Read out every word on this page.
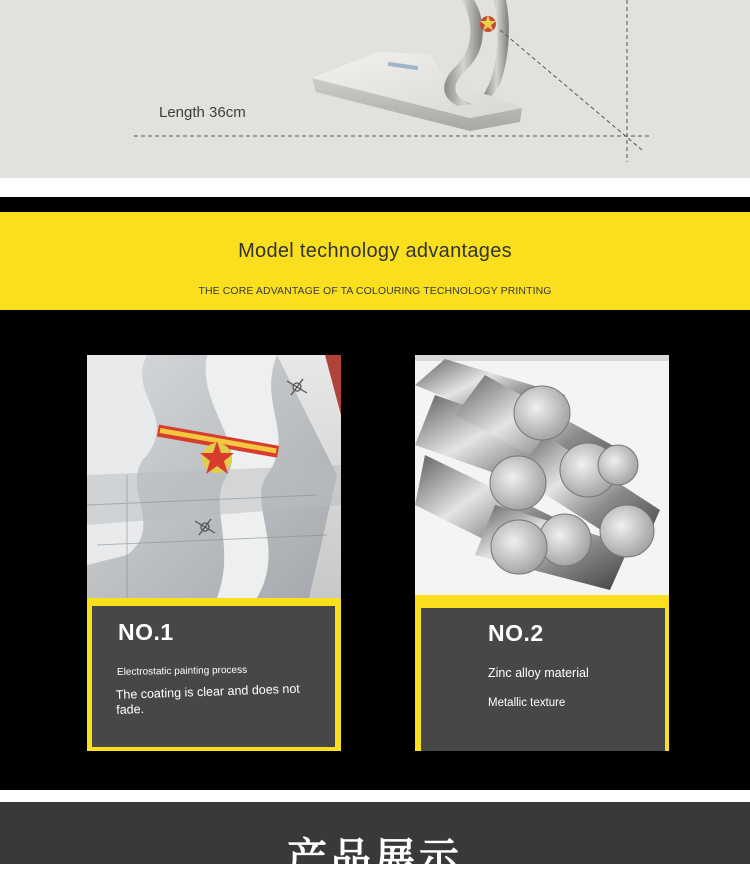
Length 36cm
Model technology advantages
THE CORE ADVANTAGE OF TA COLOURING TECHNOLOGY PRINTING
NO.1
Electrostatic painting process
The coating is clear and does not fade.
NO.2
Zinc alloy material
Metallic texture
产品展示
